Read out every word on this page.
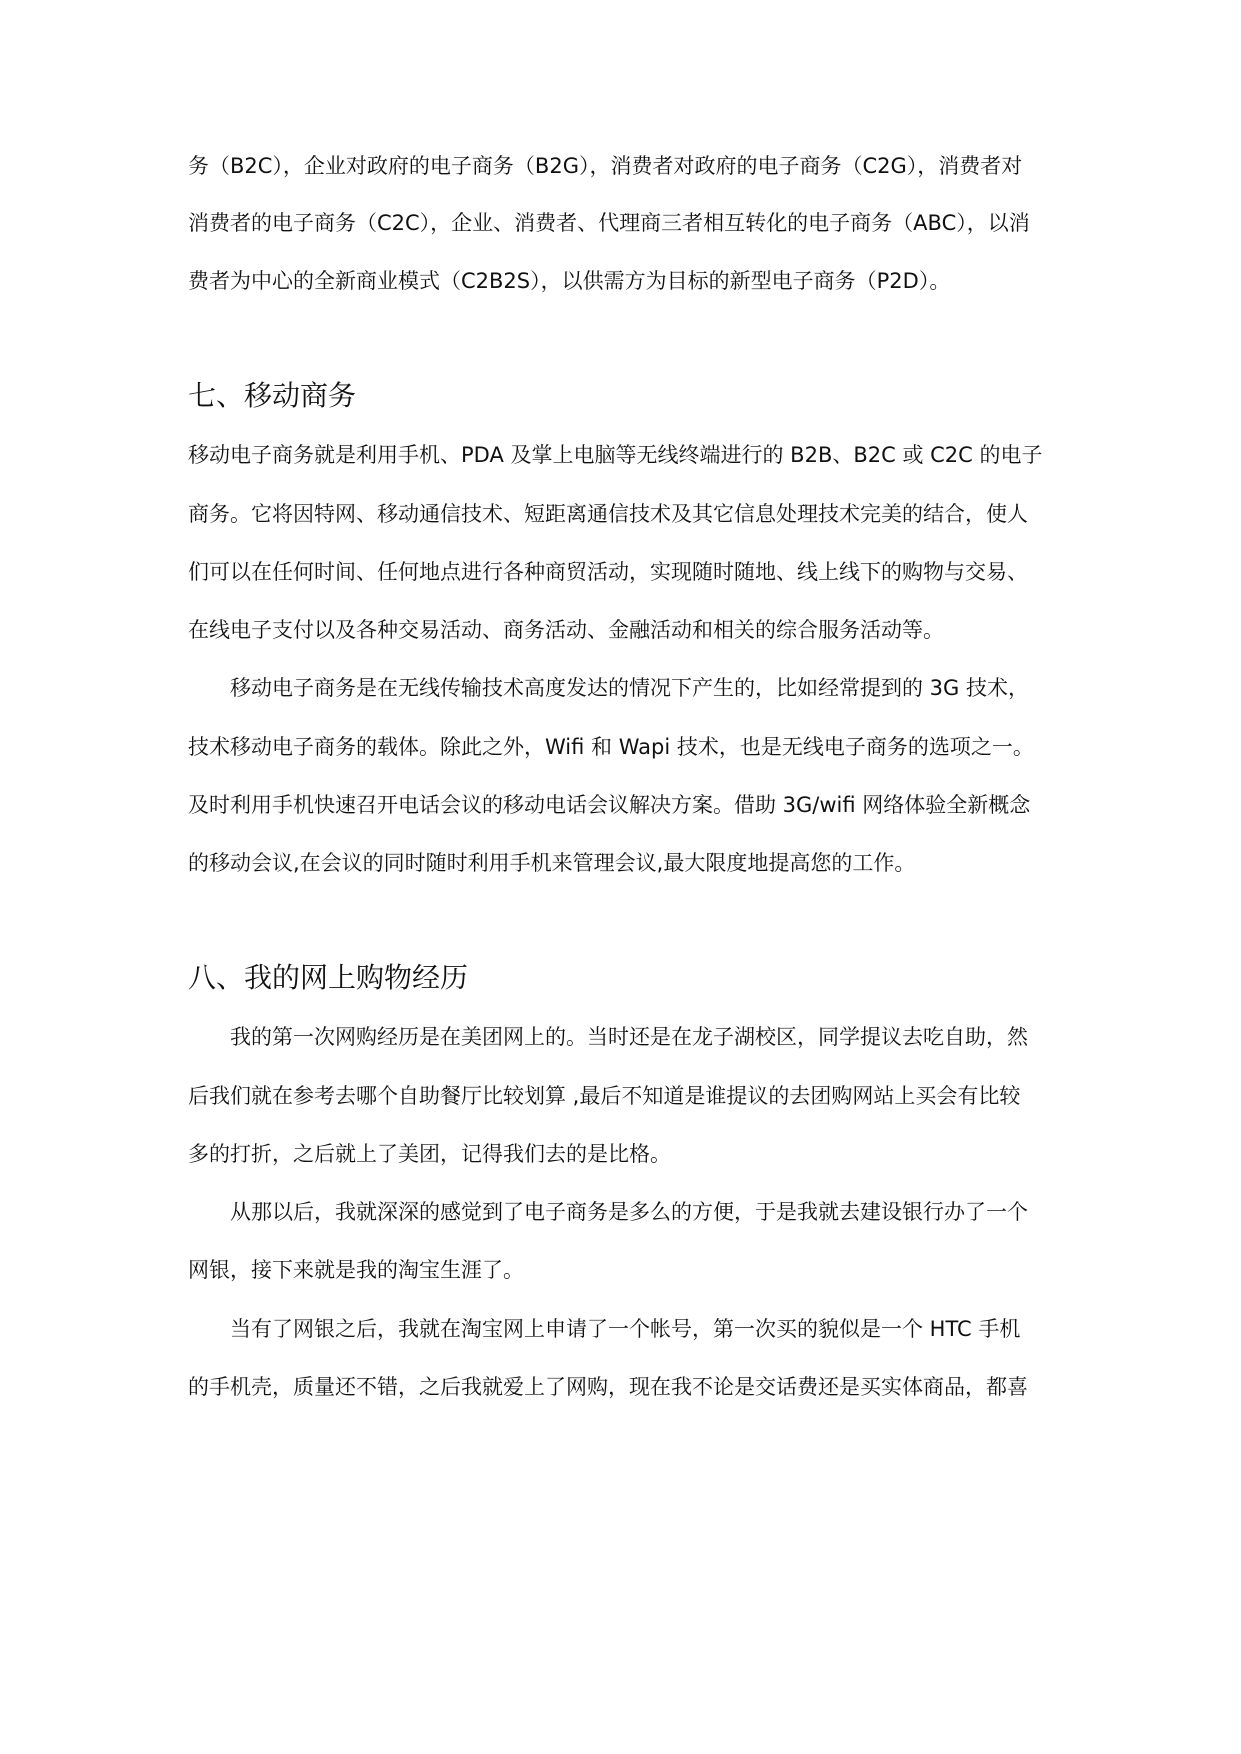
务（B2C），企业对政府的电子商务（B2G），消费者对政府的电子商务（C2G），消费者对
消费者的电子商务（C2C），企业、消费者、代理商三者相互转化的电子商务（ABC），以消
费者为中心的全新商业模式（C2B2S），以供需方为目标的新型电子商务（P2D）。
七、移动商务
移动电子商务就是利用手机、PDA 及掌上电脑等无线终端进行的 B2B、B2C 或 C2C 的电子
商务。它将因特网、移动通信技术、短距离通信技术及其它信息处理技术完美的结合，使人
们可以在任何时间、任何地点进行各种商贸活动，实现随时随地、线上线下的购物与交易、
在线电子支付以及各种交易活动、商务活动、金融活动和相关的综合服务活动等。
移动电子商务是在无线传输技术高度发达的情况下产生的，比如经常提到的 3G 技术，
技术移动电子商务的载体。除此之外，Wifi 和 Wapi 技术，也是无线电子商务的选项之一。
及时利用手机快速召开电话会议的移动电话会议解决方案。借助 3G/wifi 网络体验全新概念
的移动会议,在会议的同时随时利用手机来管理会议,最大限度地提高您的工作。
八、我的网上购物经历
我的第一次网购经历是在美团网上的。当时还是在龙子湖校区，同学提议去吃自助，然
后我们就在参考去哪个自助餐厅比较划算 ,最后不知道是谁提议的去团购网站上买会有比较
多的打折，之后就上了美团，记得我们去的是比格。
从那以后，我就深深的感觉到了电子商务是多么的方便，于是我就去建设银行办了一个
网银，接下来就是我的淘宝生涯了。
当有了网银之后，我就在淘宝网上申请了一个帐号，第一次买的貌似是一个 HTC 手机
的手机壳，质量还不错，之后我就爱上了网购，现在我不论是交话费还是买实体商品，都喜
